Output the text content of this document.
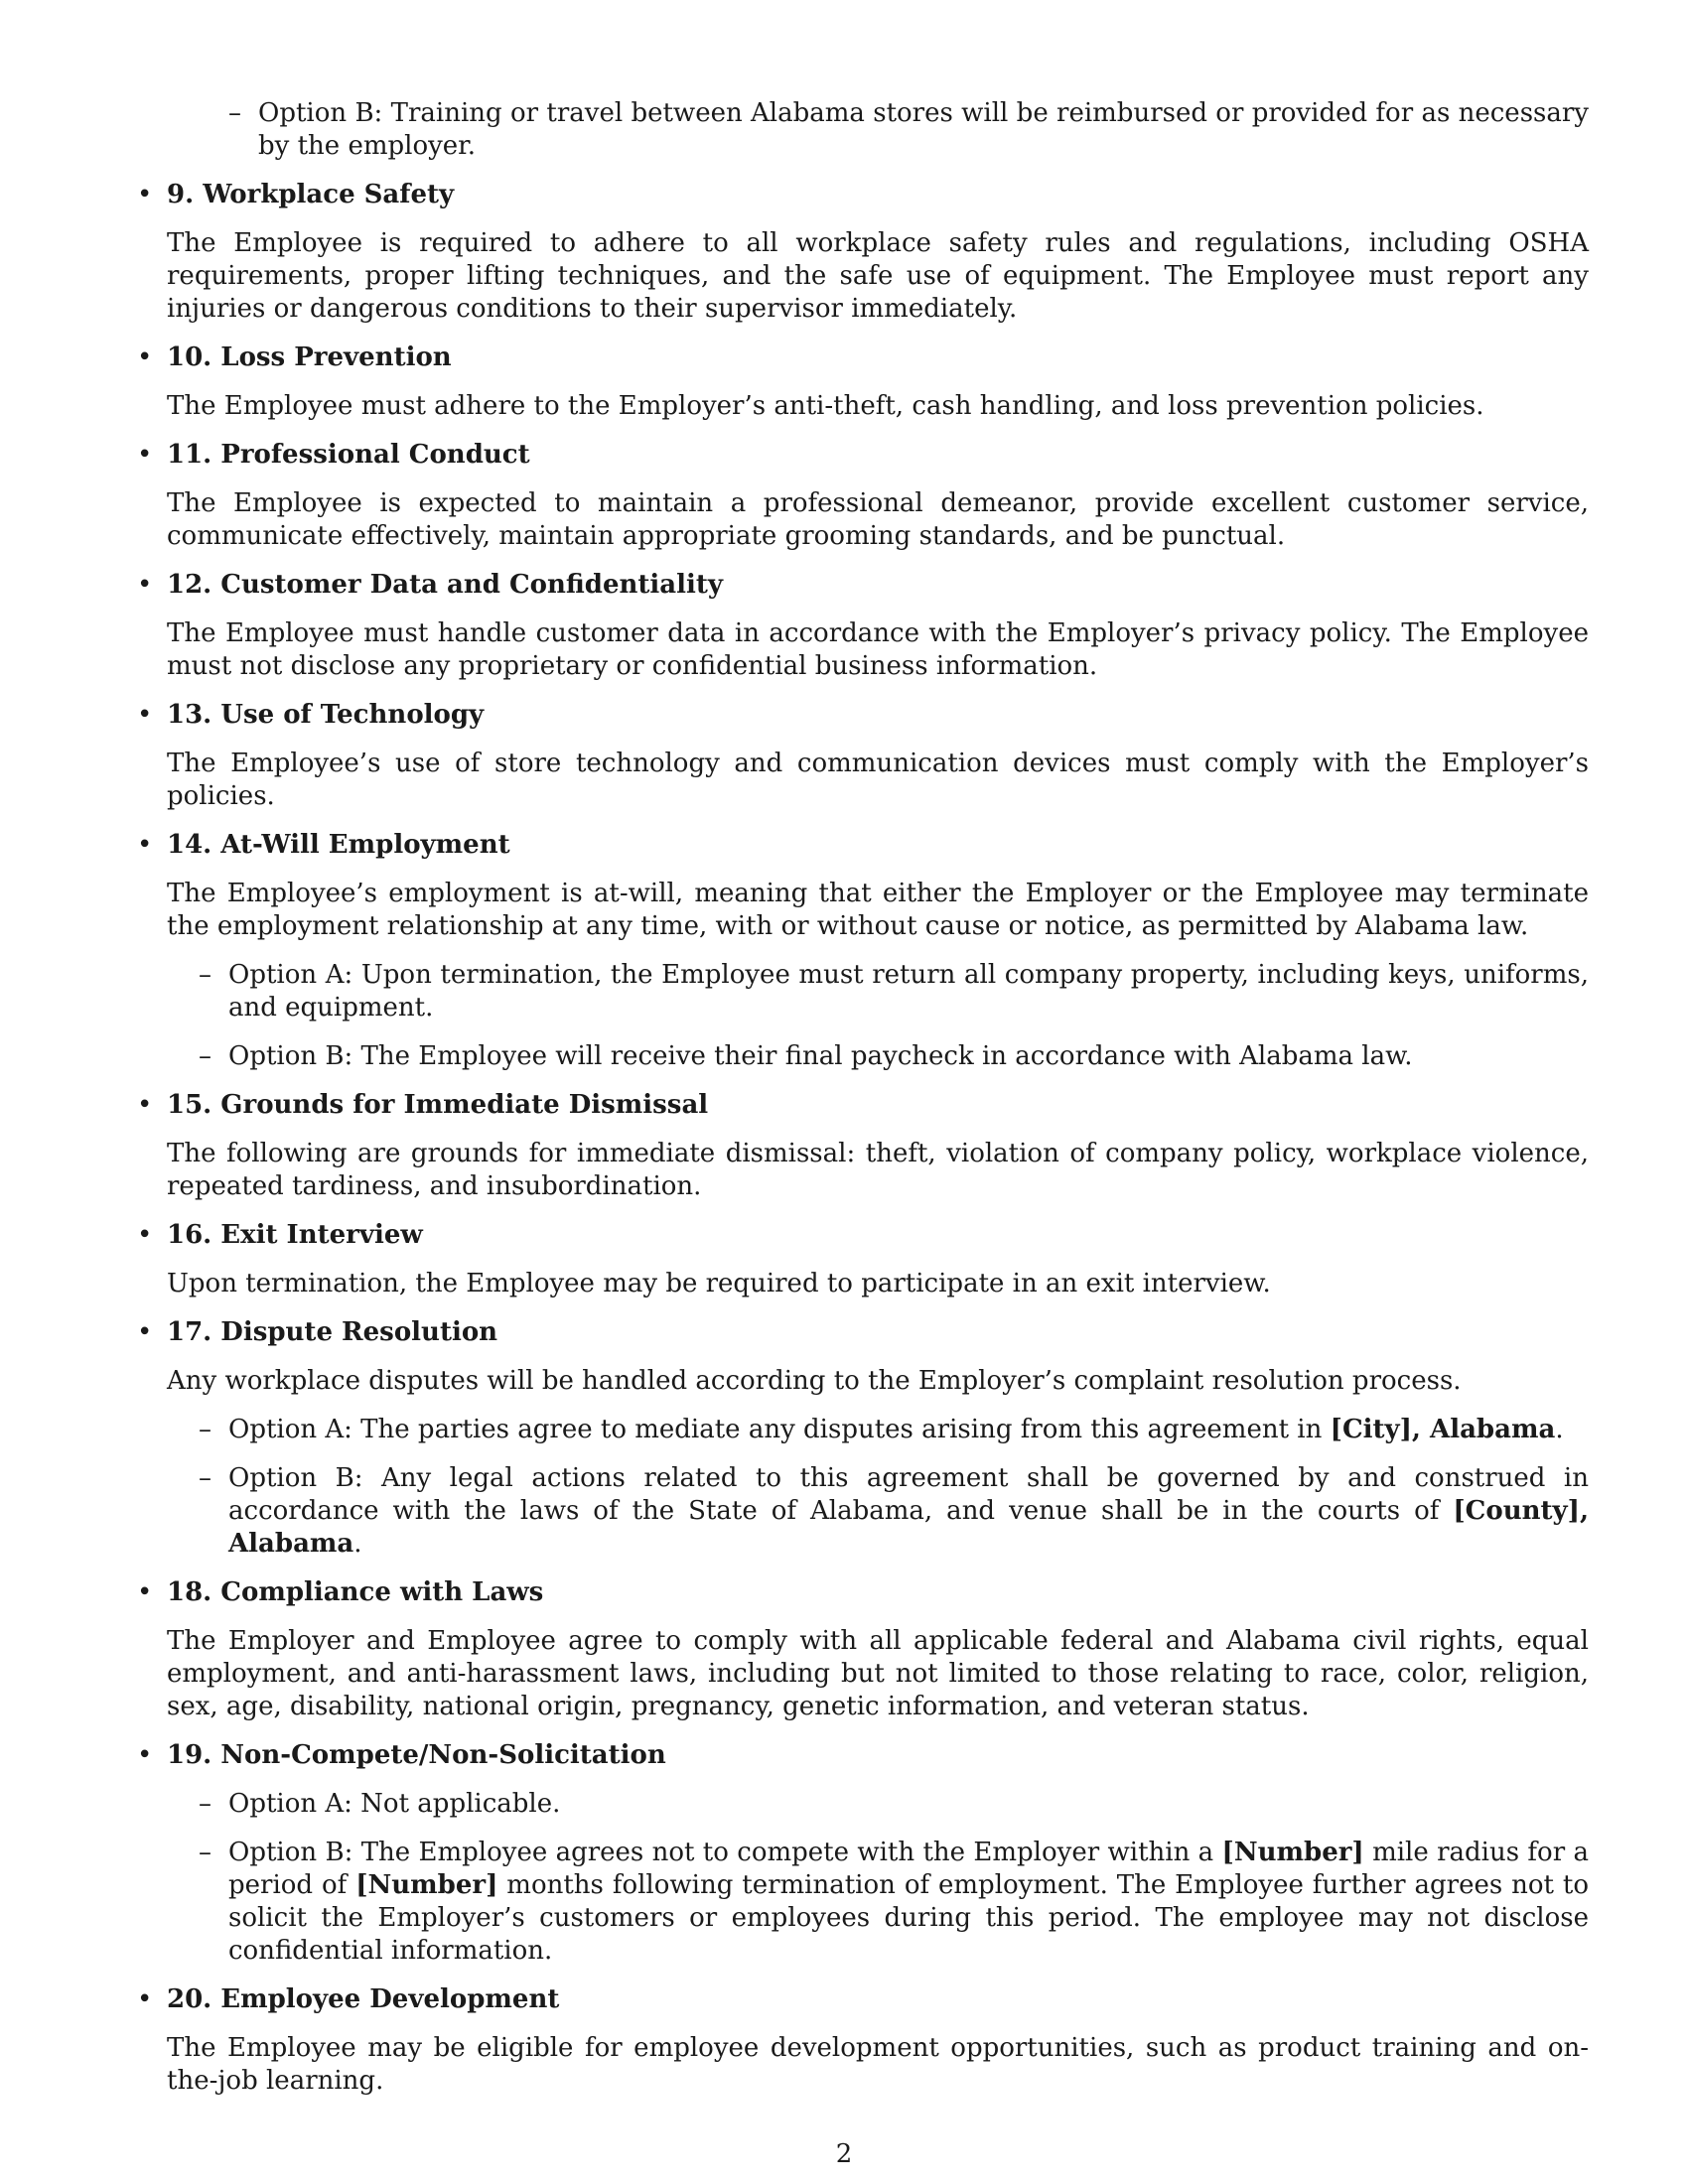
– Option B: Training or travel between Alabama stores will be reimbursed or provided for as necessary by the employer.
• 9. Workplace Safety
The Employee is required to adhere to all workplace safety rules and regulations, including OSHA requirements, proper lifting techniques, and the safe use of equipment. The Employee must report any injuries or dangerous conditions to their supervisor immediately.
• 10. Loss Prevention
The Employee must adhere to the Employer’s anti-theft, cash handling, and loss prevention policies.
• 11. Professional Conduct
The Employee is expected to maintain a professional demeanor, provide excellent customer service, communicate effectively, maintain appropriate grooming standards, and be punctual.
• 12. Customer Data and Confidentiality
The Employee must handle customer data in accordance with the Employer’s privacy policy. The Employee must not disclose any proprietary or confidential business information.
• 13. Use of Technology
The Employee’s use of store technology and communication devices must comply with the Employer’s policies.
• 14. At-Will Employment
The Employee’s employment is at-will, meaning that either the Employer or the Employee may terminate the employment relationship at any time, with or without cause or notice, as permitted by Alabama law.
– Option A: Upon termination, the Employee must return all company property, including keys, uniforms, and equipment.
– Option B: The Employee will receive their final paycheck in accordance with Alabama law.
• 15. Grounds for Immediate Dismissal
The following are grounds for immediate dismissal: theft, violation of company policy, workplace violence, repeated tardiness, and insubordination.
• 16. Exit Interview
Upon termination, the Employee may be required to participate in an exit interview.
• 17. Dispute Resolution
Any workplace disputes will be handled according to the Employer’s complaint resolution process.
– Option A: The parties agree to mediate any disputes arising from this agreement in [City], Alabama.
– Option B: Any legal actions related to this agreement shall be governed by and construed in accordance with the laws of the State of Alabama, and venue shall be in the courts of [County], Alabama.
• 18. Compliance with Laws
The Employer and Employee agree to comply with all applicable federal and Alabama civil rights, equal employment, and anti-harassment laws, including but not limited to those relating to race, color, religion, sex, age, disability, national origin, pregnancy, genetic information, and veteran status.
• 19. Non-Compete/Non-Solicitation
– Option A: Not applicable.
– Option B: The Employee agrees not to compete with the Employer within a [Number] mile radius for a period of [Number] months following termination of employment. The Employee further agrees not to solicit the Employer’s customers or employees during this period. The employee may not disclose confidential information.
• 20. Employee Development
The Employee may be eligible for employee development opportunities, such as product training and on-the-job learning.
2
